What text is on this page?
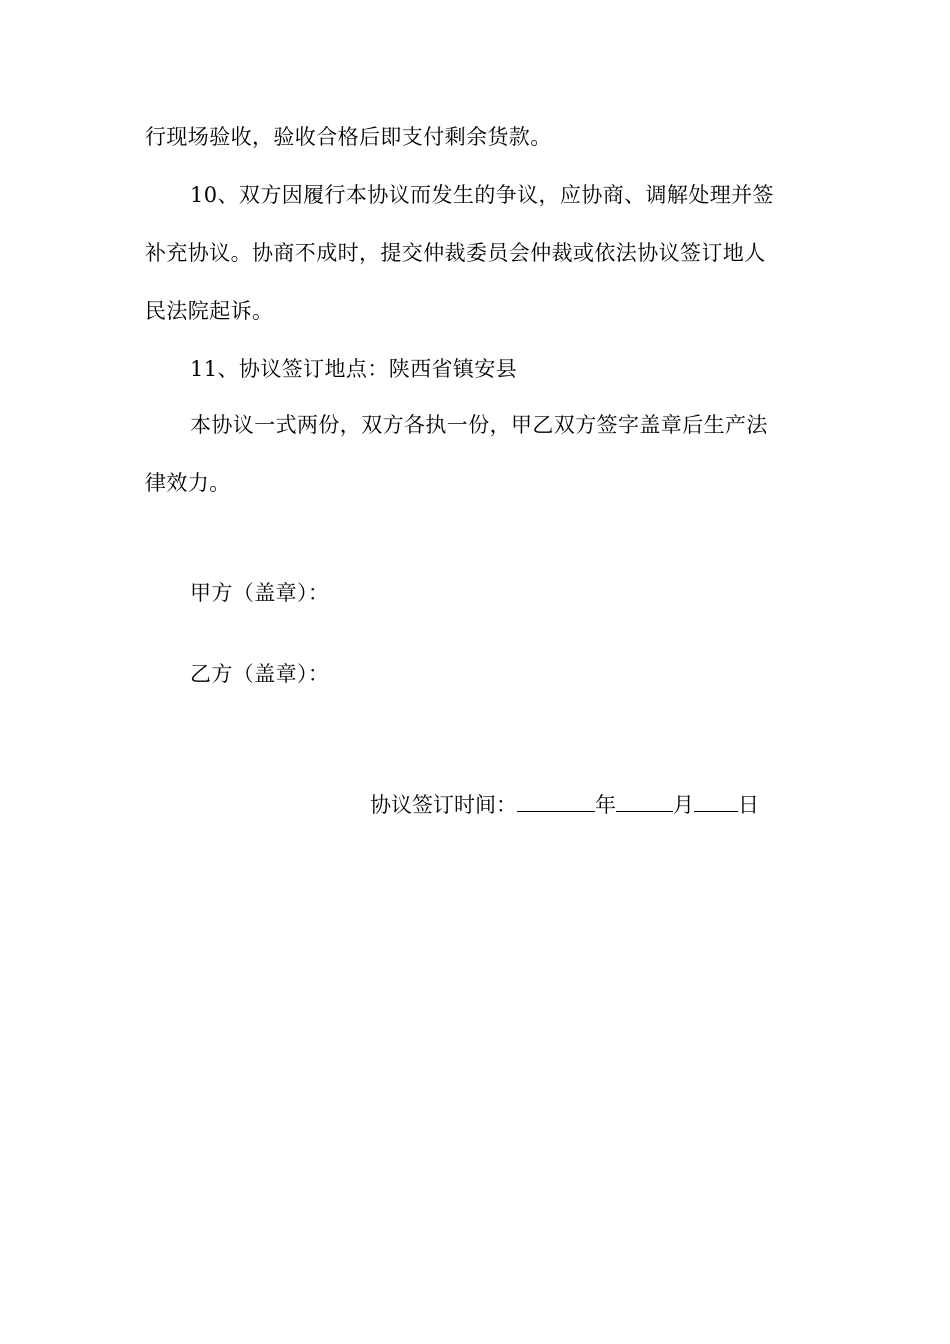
行现场验收，验收合格后即支付剩余货款。
10、双方因履行本协议而发生的争议，应协商、调解处理并签
补充协议。协商不成时，提交仲裁委员会仲裁或依法协议签订地人
民法院起诉。
11、协议签订地点：陕西省镇安县
本协议一式两份，双方各执一份，甲乙双方签字盖章后生产法
律效力。
甲方（盖章）：
乙方（盖章）：
协议签订时间：	年	月 日
